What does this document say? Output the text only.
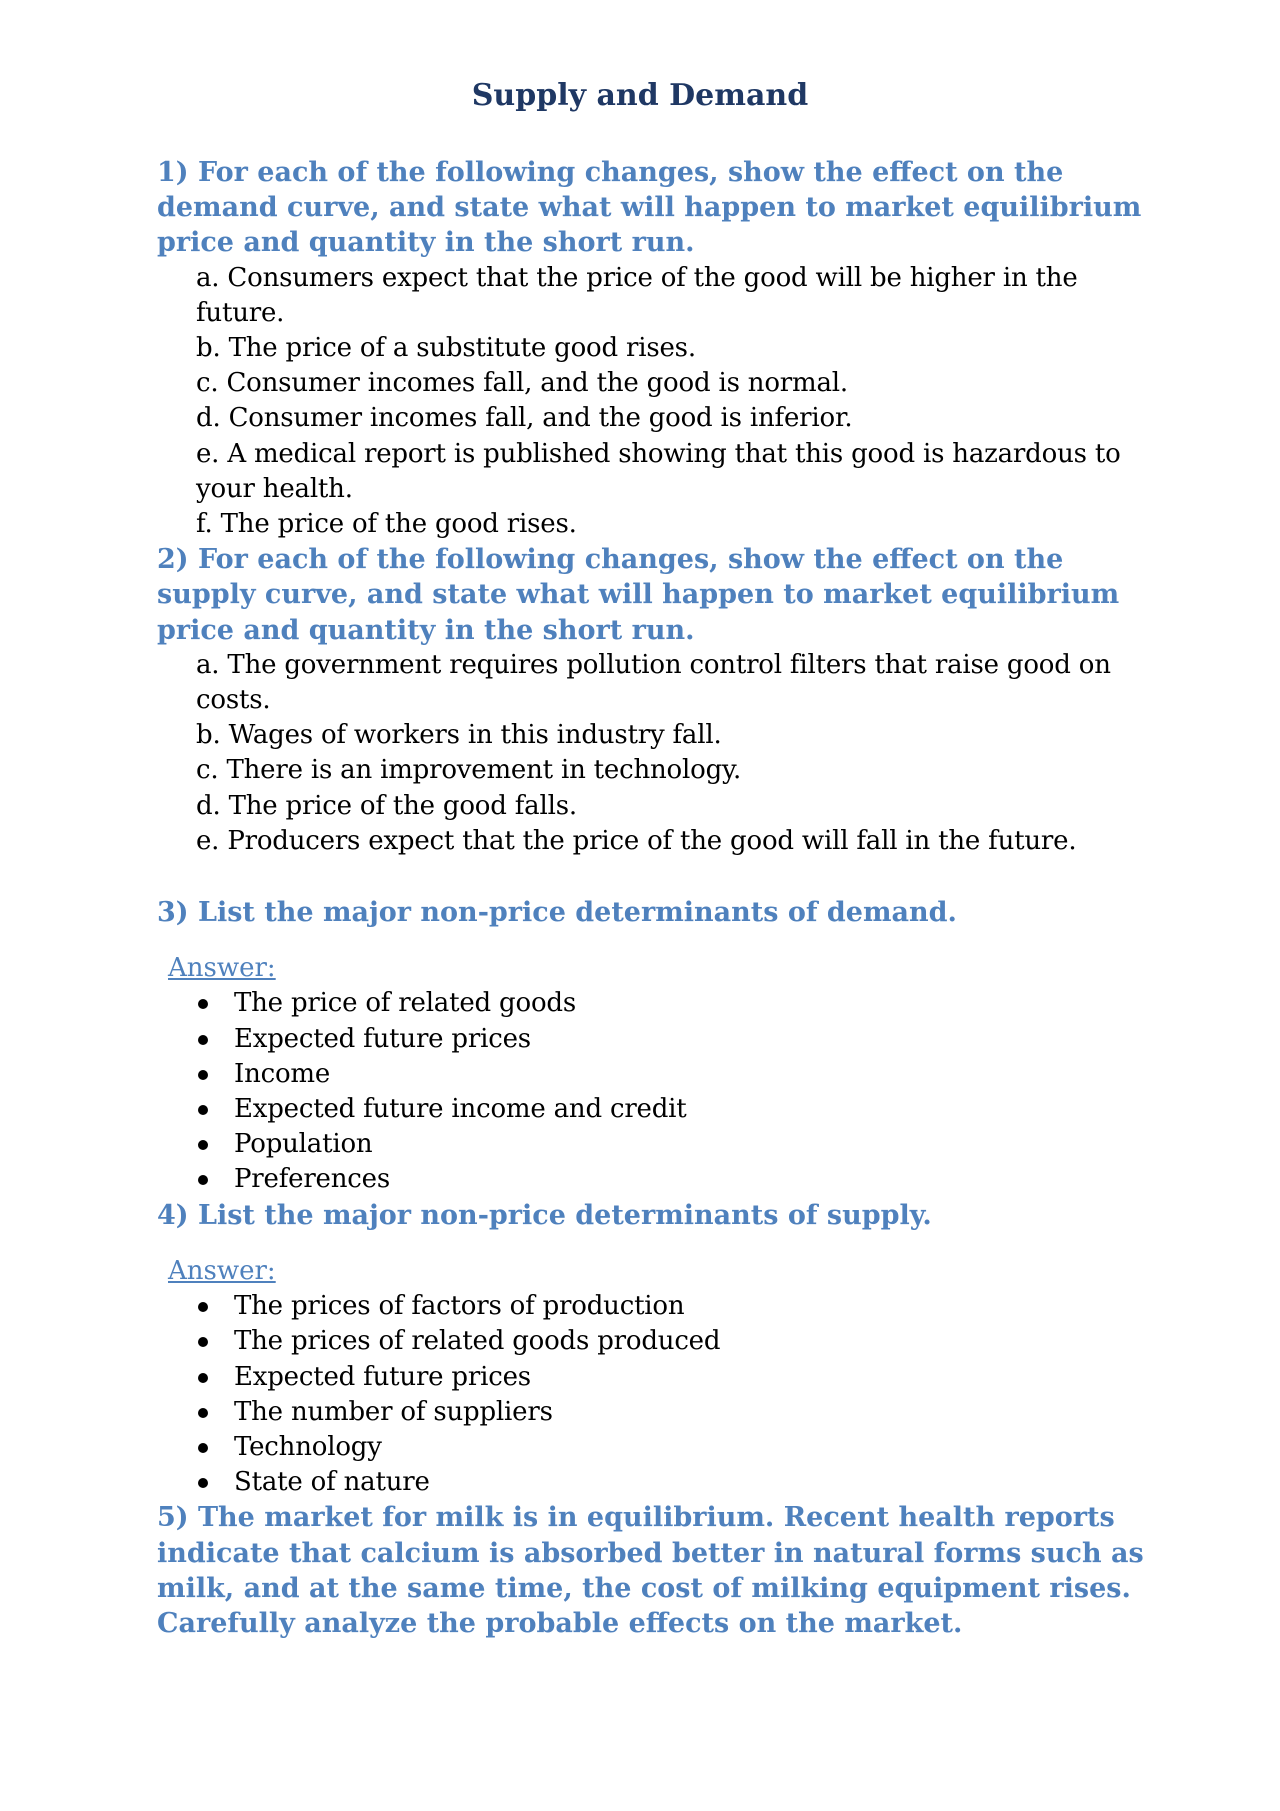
Supply and Demand

1) For each of the following changes, show the effect on the demand curve, and state what will happen to market equilibrium price and quantity in the short run.

a. Consumers expect that the price of the good will be higher in the future.
b. The price of a substitute good rises.
c. Consumer incomes fall, and the good is normal.
d. Consumer incomes fall, and the good is inferior.
e. A medical report is published showing that this good is hazardous to your health.
f. The price of the good rises.

2) For each of the following changes, show the effect on the supply curve, and state what will happen to market equilibrium price and quantity in the short run.

a. The government requires pollution control filters that raise good on costs.
b. Wages of workers in this industry fall.
c. There is an improvement in technology.
d. The price of the good falls.
e. Producers expect that the price of the good will fall in the future.

3) List the major non-price determinants of demand.

Answer:

The price of related goods
Expected future prices
Income
Expected future income and credit
Population
Preferences

4) List the major non-price determinants of supply.

Answer:

The prices of factors of production
The prices of related goods produced
Expected future prices
The number of suppliers
Technology
State of nature

5) The market for milk is in equilibrium. Recent health reports indicate that calcium is absorbed better in natural forms such as milk, and at the same time, the cost of milking equipment rises. Carefully analyze the probable effects on the market.
